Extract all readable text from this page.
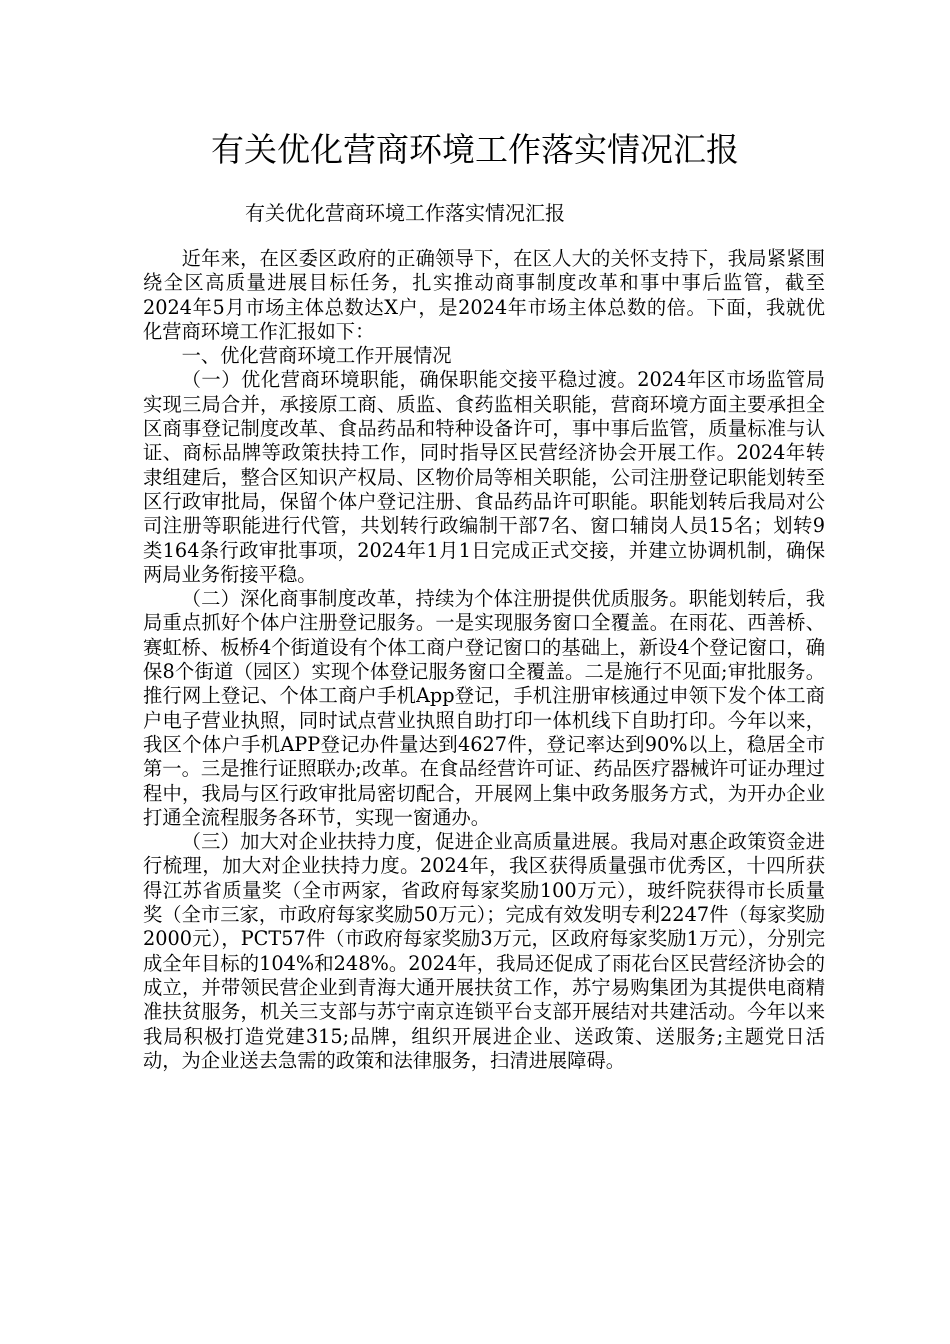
有关优化营商环境工作落实情况汇报
有关优化营商环境工作落实情况汇报

近年来，在区委区政府的正确领导下，在区人大的关怀支持下，我局紧紧围绕全区高质量进展目标任务，扎实推动商事制度改革和事中事后监管，截至2024年5月市场主体总数达X户，是2024年市场主体总数的倍。下面，我就优化营商环境工作汇报如下：

一、优化营商环境工作开展情况

（一）优化营商环境职能，确保职能交接平稳过渡。2024年区市场监管局实现三局合并，承接原工商、质监、食药监相关职能，营商环境方面主要承担全区商事登记制度改革、食品药品和特种设备许可，事中事后监管，质量标准与认证、商标品牌等政策扶持工作，同时指导区民营经济协会开展工作。2024年转隶组建后，整合区知识产权局、区物价局等相关职能，公司注册登记职能划转至区行政审批局，保留个体户登记注册、食品药品许可职能。职能划转后我局对公司注册等职能进行代管，共划转行政编制干部7名、窗口辅岗人员15名；划转9类164条行政审批事项，2024年1月1日完成正式交接，并建立协调机制，确保两局业务衔接平稳。

（二）深化商事制度改革，持续为个体注册提供优质服务。职能划转后，我局重点抓好个体户注册登记服务。一是实现服务窗口全覆盖。在雨花、西善桥、赛虹桥、板桥4个街道设有个体工商户登记窗口的基础上，新设4个登记窗口，确保8个街道（园区）实现个体登记服务窗口全覆盖。二是施行不见面;审批服务。推行网上登记、个体工商户手机App登记，手机注册审核通过申领下发个体工商户电子营业执照，同时试点营业执照自助打印一体机线下自助打印。今年以来，我区个体户手机APP登记办件量达到4627件，登记率达到90%以上，稳居全市第一。三是推行证照联办;改革。在食品经营许可证、药品医疗器械许可证办理过程中，我局与区行政审批局密切配合，开展网上集中政务服务方式，为开办企业打通全流程服务各环节，实现一窗通办。

（三）加大对企业扶持力度，促进企业高质量进展。我局对惠企政策资金进行梳理，加大对企业扶持力度。2024年，我区获得质量强市优秀区，十四所获得江苏省质量奖（全市两家，省政府每家奖励100万元），玻纤院获得市长质量奖（全市三家，市政府每家奖励50万元）；完成有效发明专利2247件（每家奖励2000元），PCT57件（市政府每家奖励3万元，区政府每家奖励1万元），分别完成全年目标的104%和248%。2024年，我局还促成了雨花台区民营经济协会的成立，并带领民营企业到青海大通开展扶贫工作，苏宁易购集团为其提供电商精准扶贫服务，机关三支部与苏宁南京连锁平台支部开展结对共建活动。今年以来我局积极打造党建315;品牌，组织开展进企业、送政策、送服务;主题党日活动，为企业送去急需的政策和法律服务，扫清进展障碍。
